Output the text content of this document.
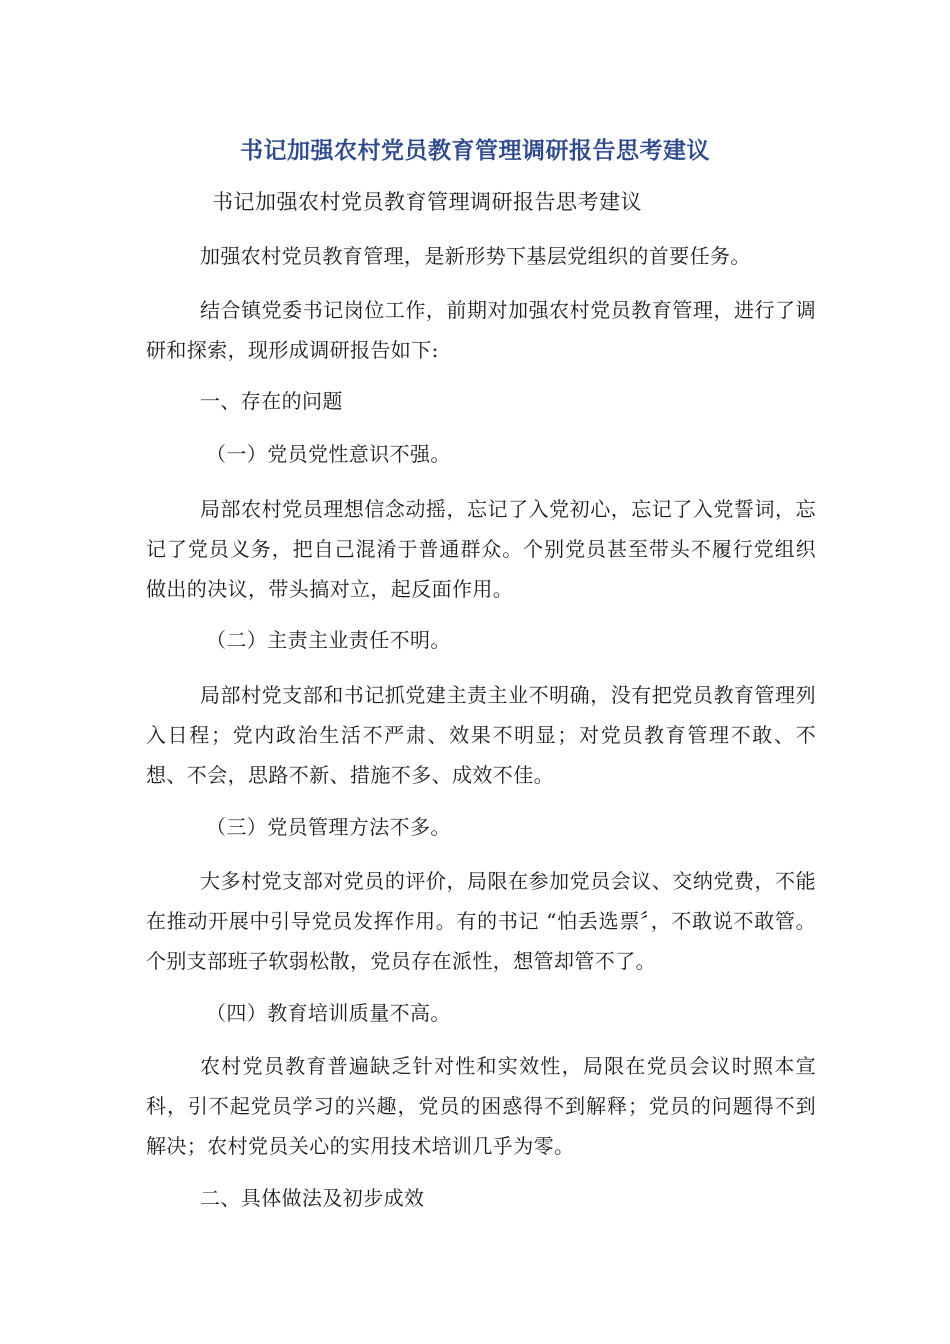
书记加强农村党员教育管理调研报告思考建议
书记加强农村党员教育管理调研报告思考建议
加强农村党员教育管理，是新形势下基层党组织的首要任务。
结合镇党委书记岗位工作，前期对加强农村党员教育管理，进行了调研和探索，现形成调研报告如下:
一、存在的问题
（一）党员党性意识不强。
局部农村党员理想信念动摇，忘记了入党初心，忘记了入党誓词，忘记了党员义务，把自己混淆于普通群众。个别党员甚至带头不履行党组织做出的决议，带头搞对立，起反面作用。
（二）主责主业责任不明。
局部村党支部和书记抓党建主责主业不明确，没有把党员教育管理列入日程；党内政治生活不严肃、效果不明显；对党员教育管理不敢、不想、不会，思路不新、措施不多、成效不佳。
（三）党员管理方法不多。
大多村党支部对党员的评价，局限在参加党员会议、交纳党费，不能在推动开展中引导党员发挥作用。有的书记 “怕丢选票〞，不敢说不敢管。个别支部班子软弱松散，党员存在派性，想管却管不了。
（四）教育培训质量不高。
农村党员教育普遍缺乏针对性和实效性，局限在党员会议时照本宣科，引不起党员学习的兴趣，党员的困惑得不到解释；党员的问题得不到解决；农村党员关心的实用技术培训几乎为零。
二、具体做法及初步成效
